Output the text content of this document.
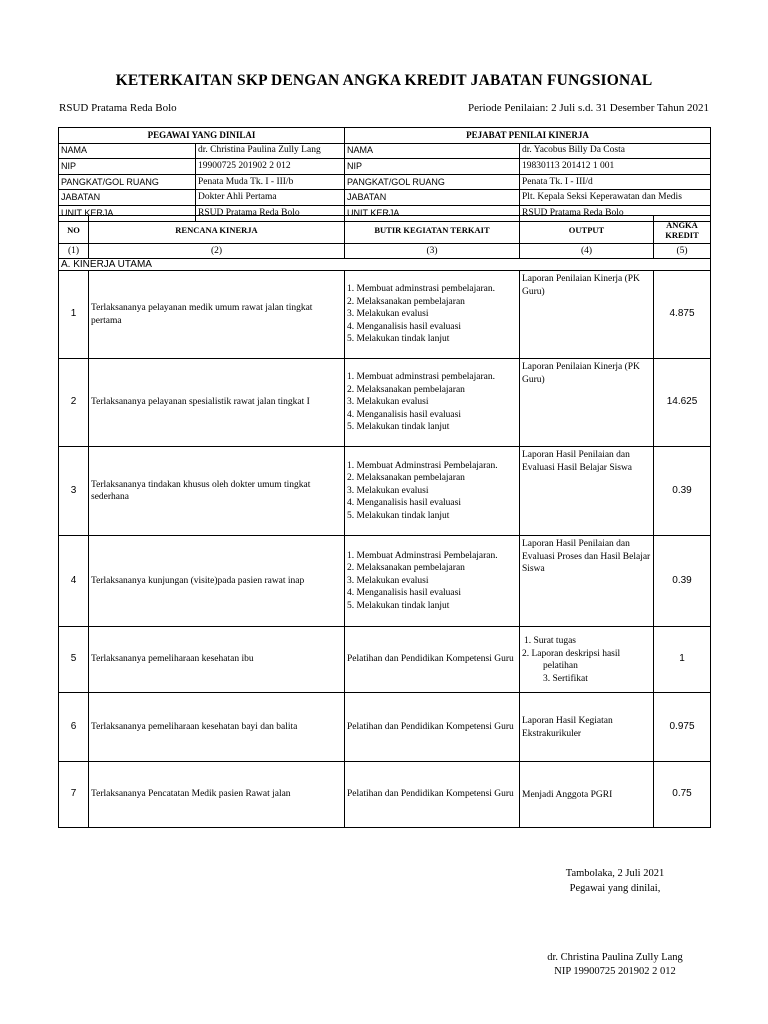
KETERKAITAN SKP DENGAN ANGKA KREDIT JABATAN FUNGSIONAL
RSUD Pratama Reda Bolo	Periode Penilaian: 2 Juli s.d. 31 Desember Tahun 2021
PEGAWAI YANG DINILAI		PEJABAT PENILAI KINERJA	
NAMA	dr. Christina Paulina Zully Lang	NAMA	dr. Yacobus Billy Da Costa
NIP	19900725 201902 2 012	NIP	19830113 201412 1 001
PANGKAT/GOL RUANG	Penata Muda Tk. I - III/b	PANGKAT/GOL RUANG	Penata Tk. I - III/d
JABATAN	Dokter Ahli Pertama	JABATAN	Plt. Kepala Seksi Keperawatan dan Medis
UNIT KERJA	RSUD Pratama Reda Bolo	UNIT KERJA	RSUD Pratama Reda Bolo
NO	RENCANA KINERJA	BUTIR KEGIATAN TERKAIT	OUTPUT	ANGKA
KREDIT

(1)	(2)	(3)	(4)	(5)
A. KINERJA UTAMA				
1	Terlaksananya pelayanan medik umum rawat jalan tingkat pertama	1. Membuat adminstrasi pembelajaran.
2. Melaksanakan pembelajaran
3. Melakukan evalusi
4. Menganalisis hasil evaluasi
5. Melakukan tindak lanjut	Laporan Penilaian Kinerja (PK Guru)	4.875
2	Terlaksananya pelayanan spesialistik rawat jalan tingkat I	1. Membuat adminstrasi pembelajaran.
2. Melaksanakan pembelajaran
3. Melakukan evalusi
4. Menganalisis hasil evaluasi
5. Melakukan tindak lanjut	Laporan Penilaian Kinerja (PK Guru)	14.625
3	Terlaksananya tindakan khusus oleh dokter umum tingkat sederhana	1. Membuat Adminstrasi Pembelajaran.
2. Melaksanakan pembelajaran
3. Melakukan evalusi
4. Menganalisis hasil evaluasi
5. Melakukan tindak lanjut	Laporan Hasil Penilaian dan Evaluasi Hasil Belajar Siswa	0.39
4	Terlaksananya kunjungan (visite)pada pasien rawat inap	1. Membuat Adminstrasi Pembelajaran.
2. Melaksanakan pembelajaran
3. Melakukan evalusi
4. Menganalisis hasil evaluasi
5. Melakukan tindak lanjut	Laporan Hasil Penilaian dan Evaluasi Proses dan Hasil Belajar Siswa	0.39
5	Terlaksananya pemeliharaan kesehatan ibu	Pelatihan dan Pendidikan Kompetensi Guru	1. Surat tugas
2. Laporan deskripsi hasil
pelatihan
3. Sertifikat	1
6	Terlaksananya pemeliharaan kesehatan bayi dan balita	Pelatihan dan Pendidikan Kompetensi Guru	Laporan Hasil Kegiatan Ekstrakurikuler	0.975
7	Terlaksananya Pencatatan Medik pasien Rawat jalan	Pelatihan dan Pendidikan Kompetensi Guru	Menjadi Anggota PGRI	0.75
Tambolaka, 2 Juli 2021
Pegawai yang dinilai,
dr. Christina Paulina Zully Lang
NIP 19900725 201902 2 012
